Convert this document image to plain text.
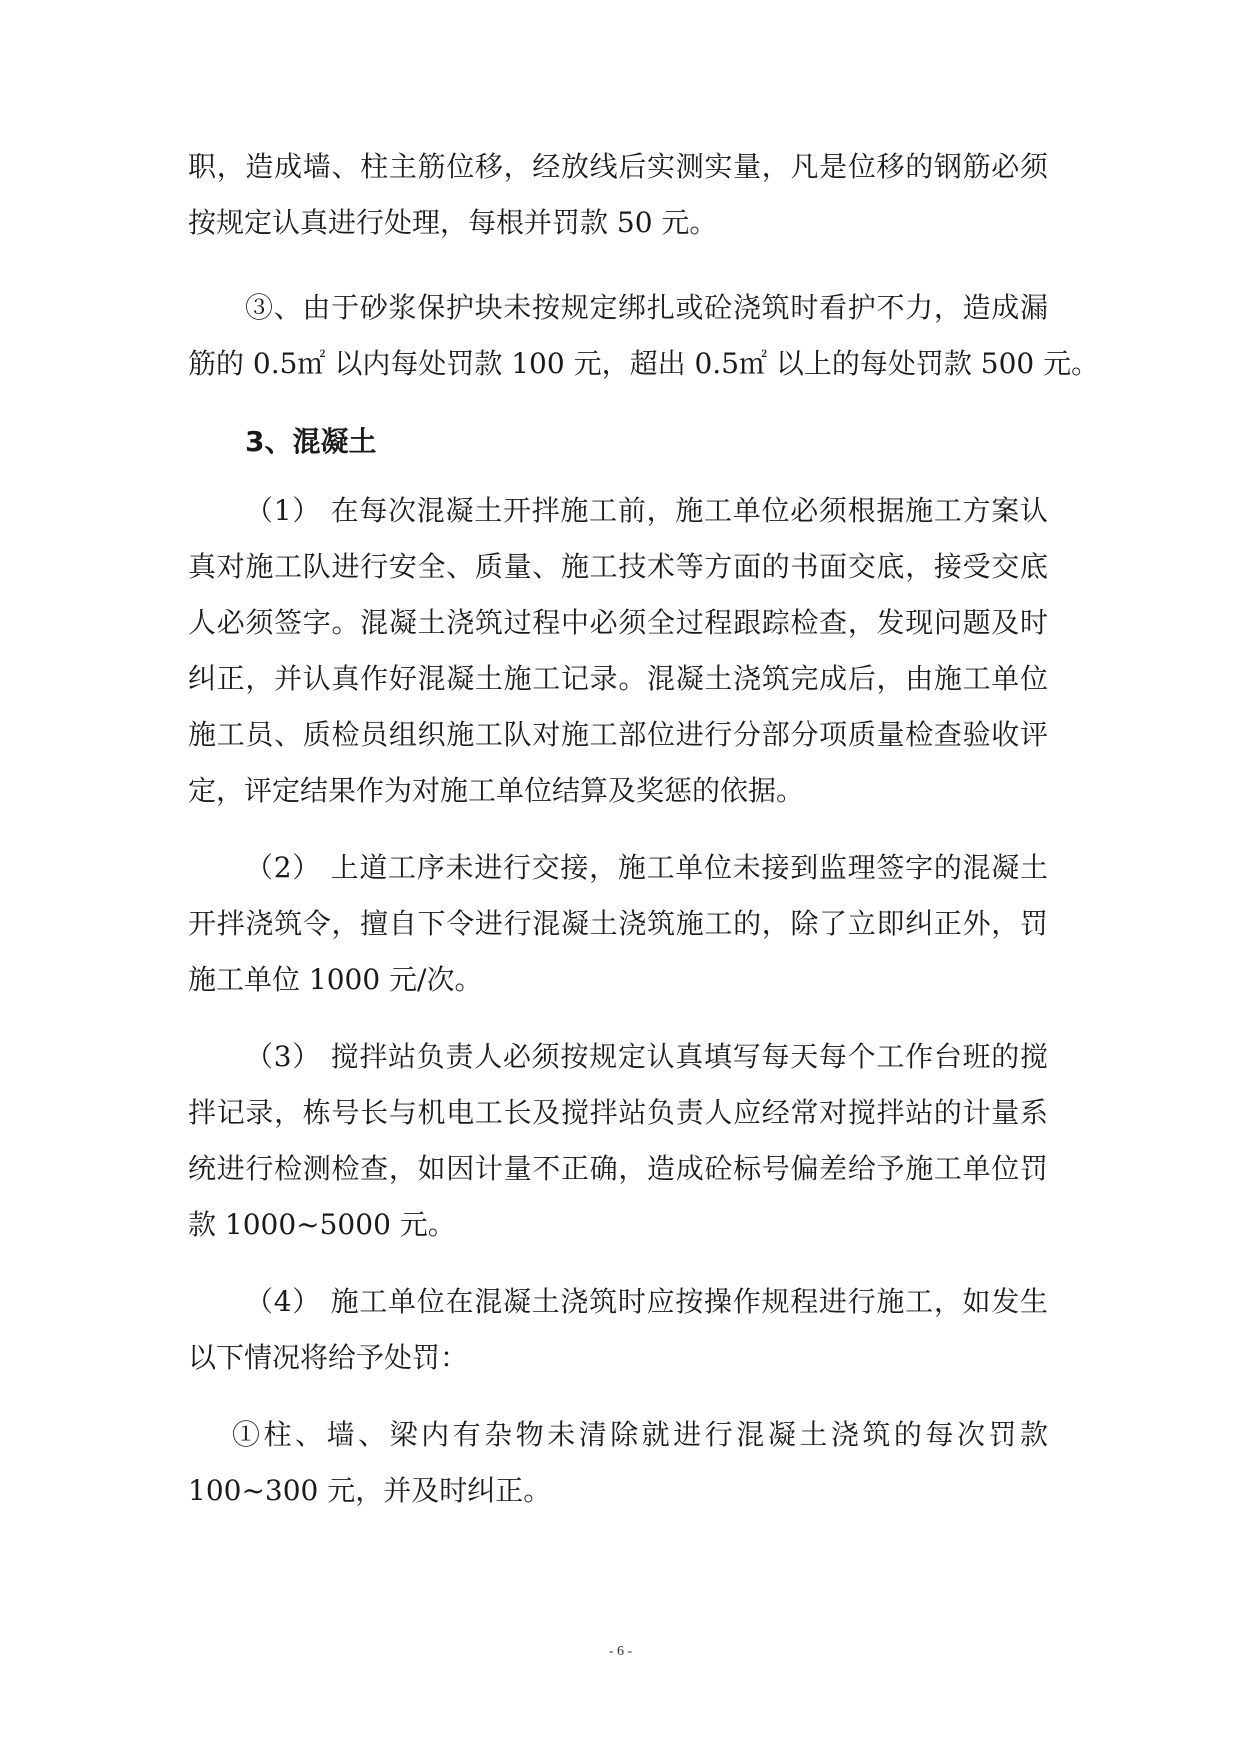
职，造成墙、柱主筋位移，经放线后实测实量，凡是位移的钢筋必须
按规定认真进行处理，每根并罚款 50 元。
③、由于砂浆保护块未按规定绑扎或砼浇筑时看护不力，造成漏
筋的 0.5㎡ 以内每处罚款 100 元，超出 0.5㎡ 以上的每处罚款 500 元。
3、混凝土
（1） 在每次混凝土开拌施工前，施工单位必须根据施工方案认
真对施工队进行安全、质量、施工技术等方面的书面交底，接受交底
人必须签字。混凝土浇筑过程中必须全过程跟踪检查，发现问题及时
纠正，并认真作好混凝土施工记录。混凝土浇筑完成后，由施工单位
施工员、质检员组织施工队对施工部位进行分部分项质量检查验收评
定，评定结果作为对施工单位结算及奖惩的依据。
（2） 上道工序未进行交接，施工单位未接到监理签字的混凝土
开拌浇筑令，擅自下令进行混凝土浇筑施工的，除了立即纠正外，罚
施工单位 1000 元/次。
（3） 搅拌站负责人必须按规定认真填写每天每个工作台班的搅
拌记录，栋号长与机电工长及搅拌站负责人应经常对搅拌站的计量系
统进行检测检查，如因计量不正确，造成砼标号偏差给予施工单位罚
款 1000~5000 元。
（4） 施工单位在混凝土浇筑时应按操作规程进行施工，如发生
以下情况将给予处罚：
①柱、墙、梁内有杂物未清除就进行混凝土浇筑的每次罚款
100~300 元，并及时纠正。
- 6 -
